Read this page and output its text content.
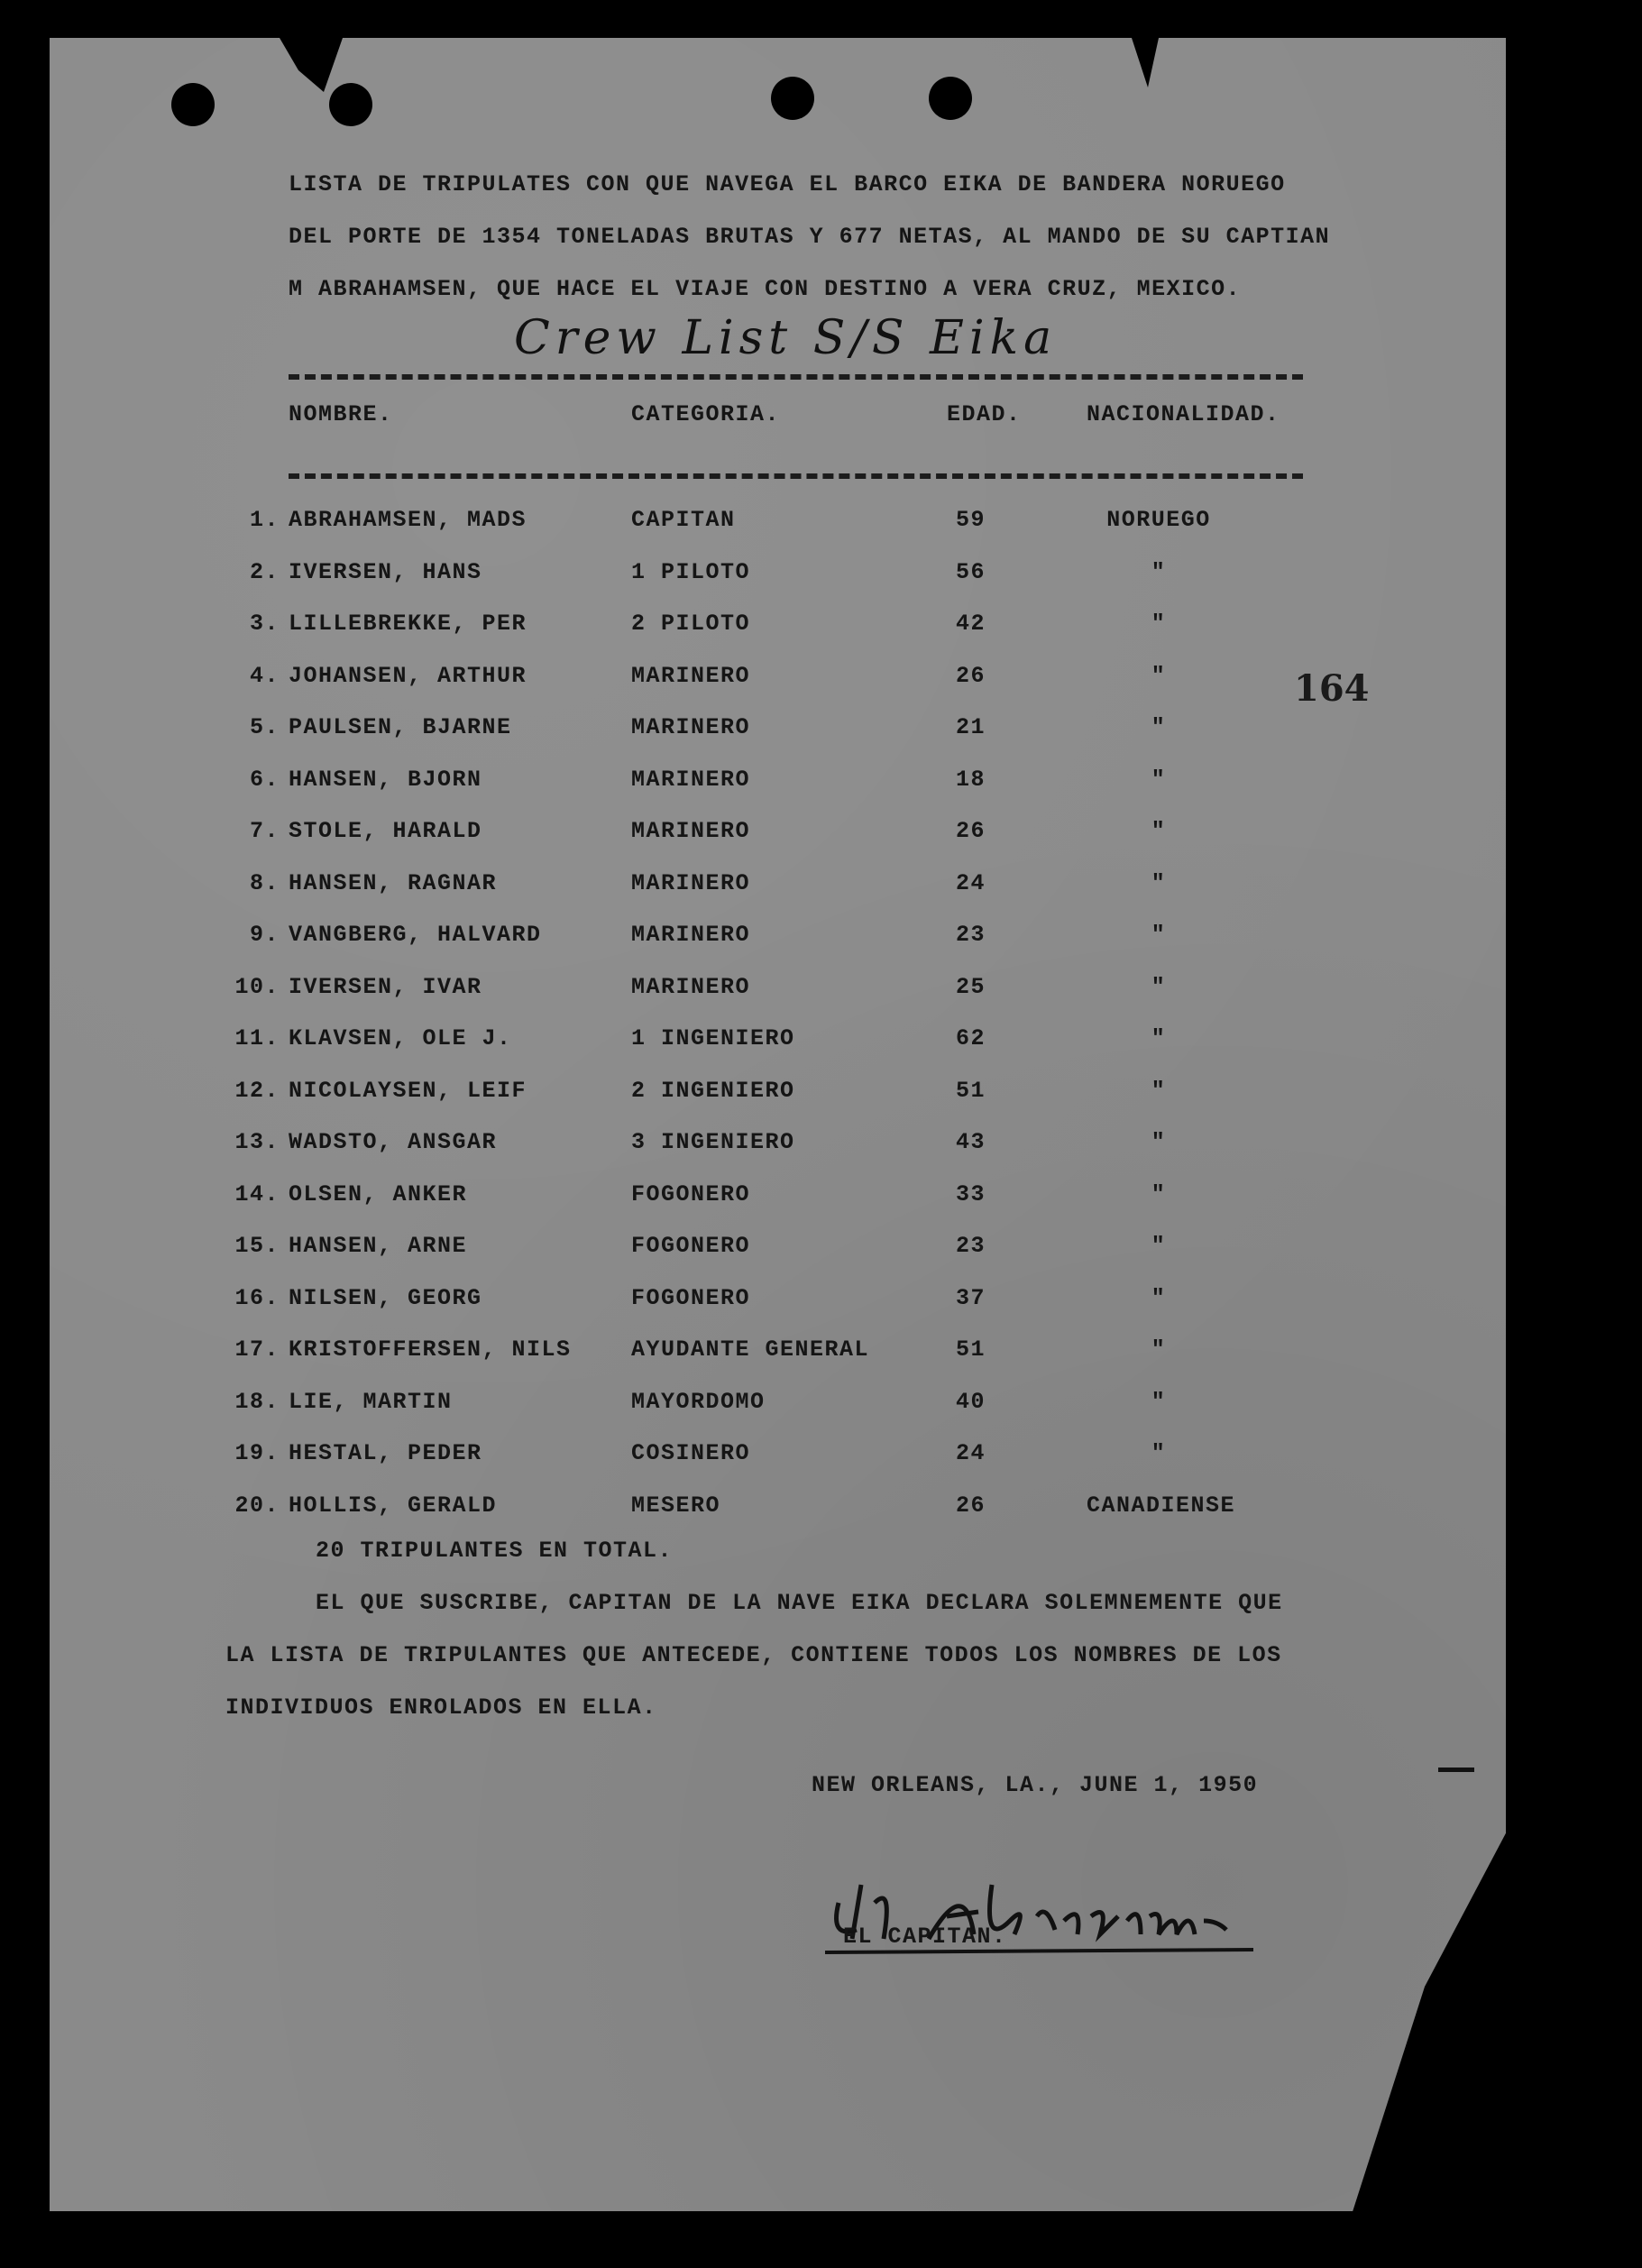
LISTA DE TRIPULATES CON QUE NAVEGA EL BARCO EIKA DE BANDERA NORUEGO
DEL PORTE DE 1354 TONELADAS BRUTAS Y 677 NETAS, AL MANDO DE SU CAPTIAN
M ABRAHAMSEN, QUE HACE EL VIAJE CON DESTINO A VERA CRUZ, MEXICO.
Crew List S/S Eika
NOMBRE.	CATEGORIA.	EDAD.	NACIONALIDAD.
1. ABRAHAMSEN, MADS	CAPITAN	59	NORUEGO
2. IVERSEN, HANS	1 PILOTO	56	"
3. LILLEBREKKE, PER	2 PILOTO	42	"
4. JOHANSEN, ARTHUR	MARINERO	26	"
5. PAULSEN, BJARNE	MARINERO	21	"
6. HANSEN, BJORN	MARINERO	18	"
7. STOLE, HARALD	MARINERO	26	"
8. HANSEN, RAGNAR	MARINERO	24	"
9. VANGBERG, HALVARD	MARINERO	23	"
10. IVERSEN, IVAR	MARINERO	25	"
11. KLAVSEN, OLE J.	1 INGENIERO	62	"
12. NICOLAYSEN, LEIF	2 INGENIERO	51	"
13. WADSTO, ANSGAR	3 INGENIERO	43	"
14. OLSEN, ANKER	FOGONERO	33	"
15. HANSEN, ARNE	FOGONERO	23	"
16. NILSEN, GEORG	FOGONERO	37	"
17. KRISTOFFERSEN, NILS	AYUDANTE GENERAL	51	"
18. LIE, MARTIN	MAYORDOMO	40	"
19. HESTAL, PEDER	COSINERO	24	"
20. HOLLIS, GERALD	MESERO	26	CANADIENSE
164
20 TRIPULANTES EN TOTAL.
EL QUE SUSCRIBE, CAPITAN DE LA NAVE EIKA DECLARA SOLEMNEMENTE QUE
LA LISTA DE TRIPULANTES QUE ANTECEDE, CONTIENE TODOS LOS NOMBRES DE LOS
INDIVIDUOS ENROLADOS EN ELLA.
NEW ORLEANS, LA., JUNE 1, 1950
EL CAPITAN.
